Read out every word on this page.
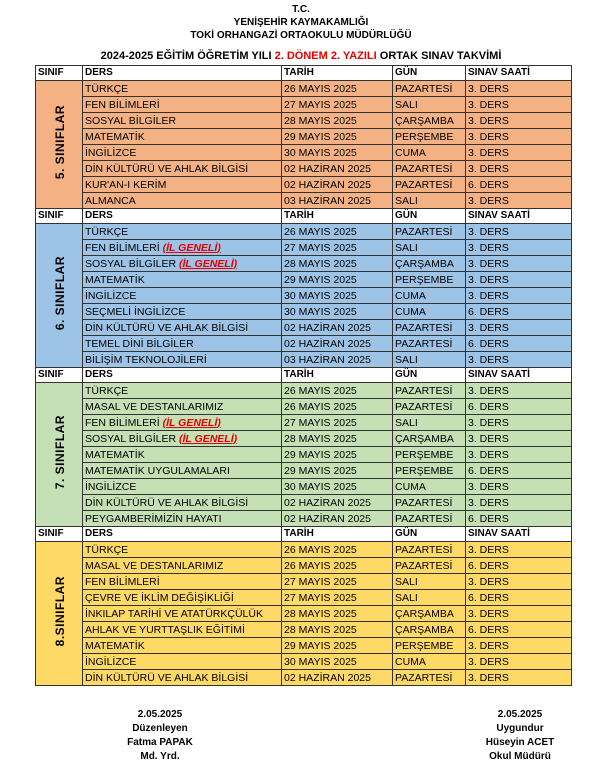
T.C.
YENİŞEHİR KAYMAKAMLIĞI
TOKİ ORHANGAZİ ORTAOKULU MÜDÜRLÜĞÜ
2024-2025 EĞİTİM ÖĞRETİM YILI 2. DÖNEM 2. YAZILI ORTAK SINAV TAKVİMİ
SINIF	DERS	TARİH	GÜN	SINAV SAATİ
5. SINIFLAR	TÜRKÇE	26 MAYIS 2025	PAZARTESİ	3. DERS
	FEN BİLİMLERİ	27 MAYIS 2025	SALI	3. DERS
	SOSYAL BİLGİLER	28 MAYIS 2025	ÇARŞAMBA	3. DERS
	MATEMATİK	29 MAYIS 2025	PERŞEMBE	3. DERS
	İNGİLİZCE	30 MAYIS 2025	CUMA	3. DERS
	DİN KÜLTÜRÜ VE AHLAK BİLGİSİ	02 HAZİRAN 2025	PAZARTESİ	3. DERS
	KUR'AN-I KERİM	02 HAZİRAN 2025	PAZARTESİ	6. DERS
	ALMANCA	03 HAZİRAN 2025	SALI	3. DERS
SINIF	DERS	TARİH	GÜN	SINAV SAATİ
6. SINIFLAR	TÜRKÇE	26 MAYIS 2025	PAZARTESİ	3. DERS
	FEN BİLİMLERİ (İL GENELİ)	27 MAYIS 2025	SALI	3. DERS
	SOSYAL BİLGİLER (İL GENELİ)	28 MAYIS 2025	ÇARŞAMBA	3. DERS
	MATEMATİK	29 MAYIS 2025	PERŞEMBE	3. DERS
	İNGİLİZCE	30 MAYIS 2025	CUMA	3. DERS
	SEÇMELİ İNGİLİZCE	30 MAYIS 2025	CUMA	6. DERS
	DİN KÜLTÜRÜ VE AHLAK BİLGİSİ	02 HAZİRAN 2025	PAZARTESİ	3. DERS
	TEMEL DİNİ BİLGİLER	02 HAZİRAN 2025	PAZARTESİ	6. DERS
	BİLİŞİM TEKNOLOJİLERİ	03 HAZİRAN 2025	SALI	3. DERS
SINIF	DERS	TARİH	GÜN	SINAV SAATİ
7. SINIFLAR	TÜRKÇE	26 MAYIS 2025	PAZARTESİ	3. DERS
	MASAL VE DESTANLARIMIZ	26 MAYIS 2025	PAZARTESİ	6. DERS
	FEN BİLİMLERİ (İL GENELİ)	27 MAYIS 2025	SALI	3. DERS
	SOSYAL BİLGİLER (İL GENELİ)	28 MAYIS 2025	ÇARŞAMBA	3. DERS
	MATEMATİK	29 MAYIS 2025	PERŞEMBE	3. DERS
	MATEMATİK UYGULAMALARI	29 MAYIS 2025	PERŞEMBE	6. DERS
	İNGİLİZCE	30 MAYIS 2025	CUMA	3. DERS
	DİN KÜLTÜRÜ VE AHLAK BİLGİSİ	02 HAZİRAN 2025	PAZARTESİ	3. DERS
	PEYGAMBERİMİZİN HAYATI	02 HAZİRAN 2025	PAZARTESİ	6. DERS
SINIF	DERS	TARİH	GÜN	SINAV SAATİ
8.SINIFLAR	TÜRKÇE	26 MAYIS 2025	PAZARTESİ	3. DERS
	MASAL VE DESTANLARIMIZ	26 MAYIS 2025	PAZARTESİ	6. DERS
	FEN BİLİMLERİ	27 MAYIS 2025	SALI	3. DERS
	ÇEVRE VE İKLİM DEĞİŞİKLİĞİ	27 MAYIS 2025	SALI	6. DERS
	İNKILAP TARİHİ VE ATATÜRKÇÜLÜK	28 MAYIS 2025	ÇARŞAMBA	3. DERS
	AHLAK VE YURTTAŞLIK EĞİTİMİ	28 MAYIS 2025	ÇARŞAMBA	6. DERS
	MATEMATİK	29 MAYIS 2025	PERŞEMBE	3. DERS
	İNGİLİZCE	30 MAYIS 2025	CUMA	3. DERS
	DİN KÜLTÜRÜ VE AHLAK BİLGİSİ	02 HAZİRAN 2025	PAZARTESİ	3. DERS
2.05.2025
Düzenleyen
Fatma PAPAK
Md. Yrd.
2.05.2025
Uygundur
Hüseyin ACET
Okul Müdürü
